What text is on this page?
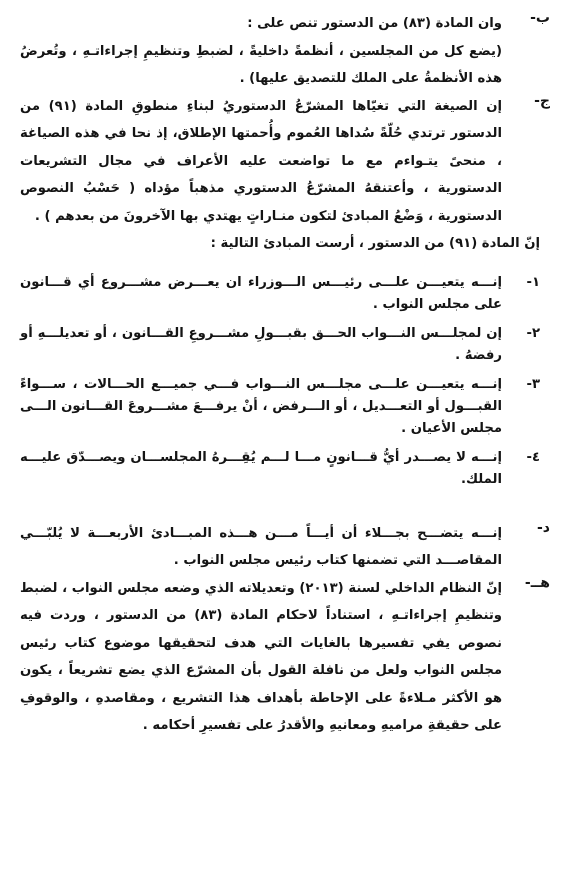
ب-
وان المادة (٨٣) من الدستور تنص على :
(يضع كل من المجلسين ، أنظمةً داخليةً ، لضبطِ وتنظيمِ إجراءاتـهِ ، وتُعرضُ هذه الأنظمةُ على الملك للتصديق عليها) .
ج-
إن الصيغة التي تغيّاها المشرّعُ الدستوريُ لبناءِ منطوقِ المادة (٩١) من الدستور ترتدي حُلّةً سُداها العُموم وأُحمتها الإطلاق، إذ نحا في هذه الصياغة ، منحىً يتـواءم مع ما تواضعت عليه الأعراف في مجال التشريعات الدستورية ، وأعتنقهُ المشرّعُ الدستوري مذهباً مؤداه ( حَسْبُ النصوص الدستورية ، وَضْعُ المبادئ لتكون منـاراتٍ يهتدي بها الآخرونَ من بعدهم ) .
إنّ المادة (٩١) من الدستور ، أرست المبادئ التالية :
١-
إنـــه يتعيـــن علـــى رئيـــس الـــوزراء ان يعـــرض مشـــروع أي قـــانون على مجلس النواب .
٢-
إن لمجلـــس النـــواب الحـــق بقبـــولِ مشـــروعِ القـــانون ، أو تعديلـــهِ أو رفضهُ .
٣-
إنـــه يتعيـــن علـــى مجلـــس النـــواب فـــي جميـــع الحـــالات ، ســـواءً القبـــول أو التعـــديل ، أو الـــرفض ، أنْ يرفـــعَ مشـــروعَ القـــانون الـــى مجلس الأعيان .
٤-
إنـــه لا يصـــدر أيُّ قـــانونٍ مـــا لـــم يُقِـــرهُ المجلســـان ويصـــدّق عليـــه الملك.
د-
إنـــه يتضـــح بجـــلاء أن أيـــاً مـــن هـــذه المبـــادئ الأربعـــة لا يُلبّـــي المقاصـــد التي تضمنها كتاب رئيس مجلس النواب .
هــ-
إنّ النظام الداخلي لسنة (٢٠١٣) وتعديلاته الذي وضعه مجلس النواب ، لضبط وتنظيمِ إجراءاتـهِ ، استناداً لاحكام المادة (٨٣) من الدستور ، وردت فيه نصوص يفي تفسيرها بالغايات التي هدف لتحقيقها موضوع كتاب رئيس مجلس النواب ولعل من نافلة القول بأن المشرّع الذي يضع تشريعاً ، يكون هو الأكثر مـلاءةً على الإحاطة بأهداف هذا التشريع ، ومقاصدهِ ، والوقوفِ على حقيقةِ مراميهِ ومعانيهِ والأقدرُ على تفسيرِ أحكامه .
